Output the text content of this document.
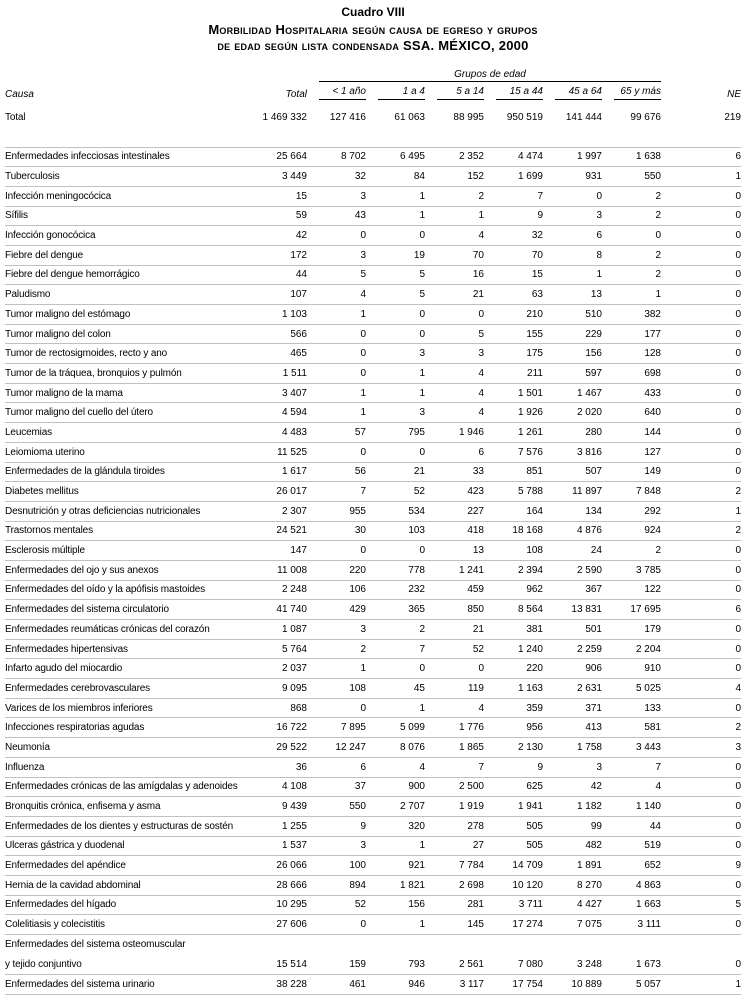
Cuadro VIII
Morbilidad Hospitalaria según causa de egreso y grupos
de edad según lista condensada SSA. MÉXICO, 2000

		Grupos de edad						

Causa	Total	< 1 año	1 a 4	5 a 14	15 a 44	45 a 64	65 y más	NE
Total	1 469 332	127 416	61 063	88 995	950 519	141 444	99 676	219

Enfermedades infecciosas intestinales	25 664	8 702	6 495	2 352	4 474	1 997	1 638	6
Tuberculosis	3 449	32	84	152	1 699	931	550	1
Infección meningocócica	15	3	1	2	7	0	2	0
Sífilis	59	43	1	1	9	3	2	0
Infección gonocócica	42	0	0	4	32	6	0	0
Fiebre del dengue	172	3	19	70	70	8	2	0
Fiebre del dengue hemorrágico	44	5	5	16	15	1	2	0
Paludismo	107	4	5	21	63	13	1	0
Tumor maligno del estómago	1 103	1	0	0	210	510	382	0
Tumor maligno del colon	566	0	0	5	155	229	177	0
Tumor de rectosigmoides, recto y ano	465	0	3	3	175	156	128	0
Tumor de la tráquea, bronquios y pulmón	1 511	0	1	4	211	597	698	0
Tumor maligno de la mama	3 407	1	1	4	1 501	1 467	433	0
Tumor maligno del cuello del útero	4 594	1	3	4	1 926	2 020	640	0
Leucemias	4 483	57	795	1 946	1 261	280	144	0
Leiomioma uterino	11 525	0	0	6	7 576	3 816	127	0
Enfermedades de la glándula tiroides	1 617	56	21	33	851	507	149	0
Diabetes mellitus	26 017	7	52	423	5 788	11 897	7 848	2
Desnutrición y otras deficiencias nutricionales	2 307	955	534	227	164	134	292	1
Trastornos mentales	24 521	30	103	418	18 168	4 876	924	2
Esclerosis múltiple	147	0	0	13	108	24	2	0
Enfermedades del ojo y sus anexos	11 008	220	778	1 241	2 394	2 590	3 785	0
Enfermedades del oído y la apófisis mastoides	2 248	106	232	459	962	367	122	0
Enfermedades del sistema circulatorio	41 740	429	365	850	8 564	13 831	17 695	6
Enfermedades reumáticas crónicas del corazón	1 087	3	2	21	381	501	179	0
Enfermedades hipertensivas	5 764	2	7	52	1 240	2 259	2 204	0
Infarto agudo del miocardio	2 037	1	0	0	220	906	910	0
Enfermedades cerebrovasculares	9 095	108	45	119	1 163	2 631	5 025	4
Varices de los miembros inferiores	868	0	1	4	359	371	133	0
Infecciones respiratorias agudas	16 722	7 895	5 099	1 776	956	413	581	2
Neumonía	29 522	12 247	8 076	1 865	2 130	1 758	3 443	3
Influenza	36	6	4	7	9	3	7	0
Enfermedades crónicas de las amígdalas y adenoides	4 108	37	900	2 500	625	42	4	0
Bronquitis crónica, enfisema y asma	9 439	550	2 707	1 919	1 941	1 182	1 140	0
Enfermedades de los dientes y estructuras de sostén	1 255	9	320	278	505	99	44	0
Ulceras gástrica y duodenal	1 537	3	1	27	505	482	519	0
Enfermedades del apéndice	26 066	100	921	7 784	14 709	1 891	652	9
Hernia de la cavidad abdominal	28 666	894	1 821	2 698	10 120	8 270	4 863	0
Enfermedades del hígado	10 295	52	156	281	3 711	4 427	1 663	5
Colelitiasis y colecistitis	27 606	0	1	145	17 274	7 075	3 111	0

Enfermedades del sistema osteomuscular
y tejido conjuntivo	15 514	159	793	2 561	7 080	3 248	1 673	0
Enfermedades del sistema urinario	38 228	461	946	3 117	17 754	10 889	5 057	1
